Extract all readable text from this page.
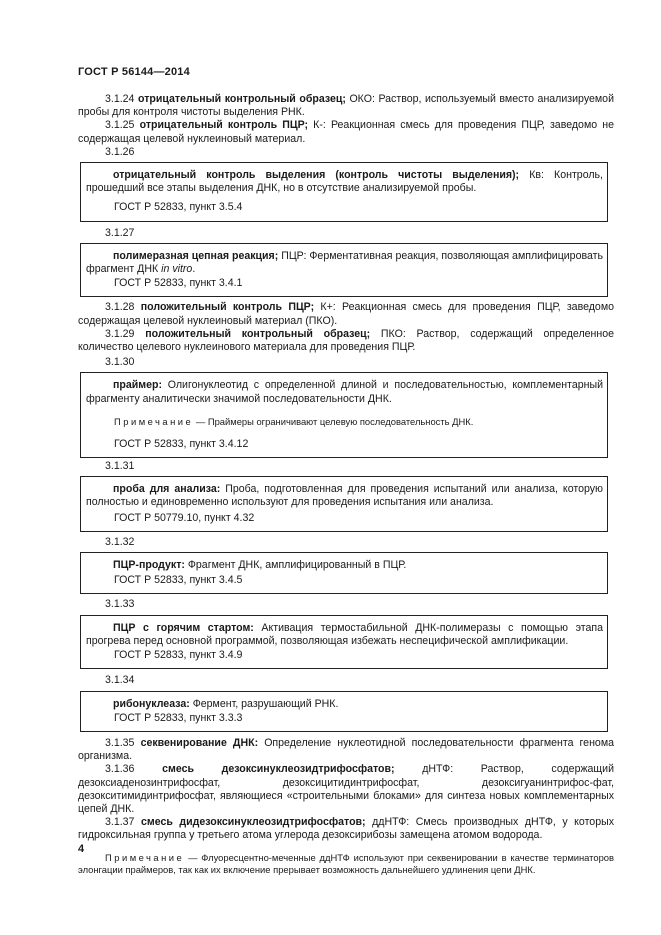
ГОСТ Р 56144—2014

3.1.24 отрицательный контрольный образец; ОКО: Раствор, используемый вместо анализируемой пробы для контроля чистоты выделения РНК.

3.1.25 отрицательный контроль ПЦР; К-: Реакционная смесь для проведения ПЦР, заведомо не содержащая целевой нуклеиновый материал.

3.1.26

отрицательный контроль выделения (контроль чистоты выделения); Кв: Контроль, прошедший все этапы выделения ДНК, но в отсутствие анализируемой пробы.

ГОСТ Р 52833, пункт 3.5.4

3.1.27

полимеразная цепная реакция; ПЦР: Ферментативная реакция, позволяющая амплифицировать фрагмент ДНК in vitro.

ГОСТ Р 52833, пункт 3.4.1

3.1.28 положительный контроль ПЦР; К+: Реакционная смесь для проведения ПЦР, заведомо содержащая целевой нуклеиновый материал (ПКО).

3.1.29 положительный контрольный образец; ПКО: Раствор, содержащий определенное количество целевого нуклеинового материала для проведения ПЦР.

3.1.30

праймер: Олигонуклеотид с определенной длиной и последовательностью, комплементарный фрагменту аналитически значимой последовательности ДНК.

Примечание — Праймеры ограничивают целевую последовательность ДНК.

ГОСТ Р 52833, пункт 3.4.12

3.1.31

проба для анализа: Проба, подготовленная для проведения испытаний или анализа, которую полностью и единовременно используют для проведения испытания или анализа.

ГОСТ Р 50779.10, пункт 4.32

3.1.32

ПЦР-продукт: Фрагмент ДНК, амплифицированный в ПЦР.

ГОСТ Р 52833, пункт 3.4.5

3.1.33

ПЦР с горячим стартом: Активация термостабильной ДНК-полимеразы с помощью этапа прогрева перед основной программой, позволяющая избежать неспецифической амплификации.

ГОСТ Р 52833, пункт 3.4.9

3.1.34

рибонуклеаза: Фермент, разрушающий РНК.

ГОСТ Р 52833, пункт 3.3.3

3.1.35 секвенирование ДНК: Определение нуклеотидной последовательности фрагмента генома организма.

3.1.36	смесь дезоксинуклеозидтрифосфатов; дНТФ: Раствор, содержащий дезоксиаденозинтрифосфат, дезоксицитидинтрифосфат, дезоксигуанинтрифос-фат, дезокситимидинтрифосфат, являющиеся «строительными блоками» для синтеза новых комплементарных цепей ДНК.

3.1.37 смесь дидезоксинуклеозидтрифосфатов; ддНТФ: Смесь производных дНТФ, у которых гидроксильная группа у третьего атома углерода дезоксирибозы замещена атомом водорода.

Примечание — Флуоресцентно-меченные ддНТФ используют при секвенировании в качестве терминаторов элонгации праймеров, так как их включение прерывает возможность дальнейшего удлинения цепи ДНК.

4
